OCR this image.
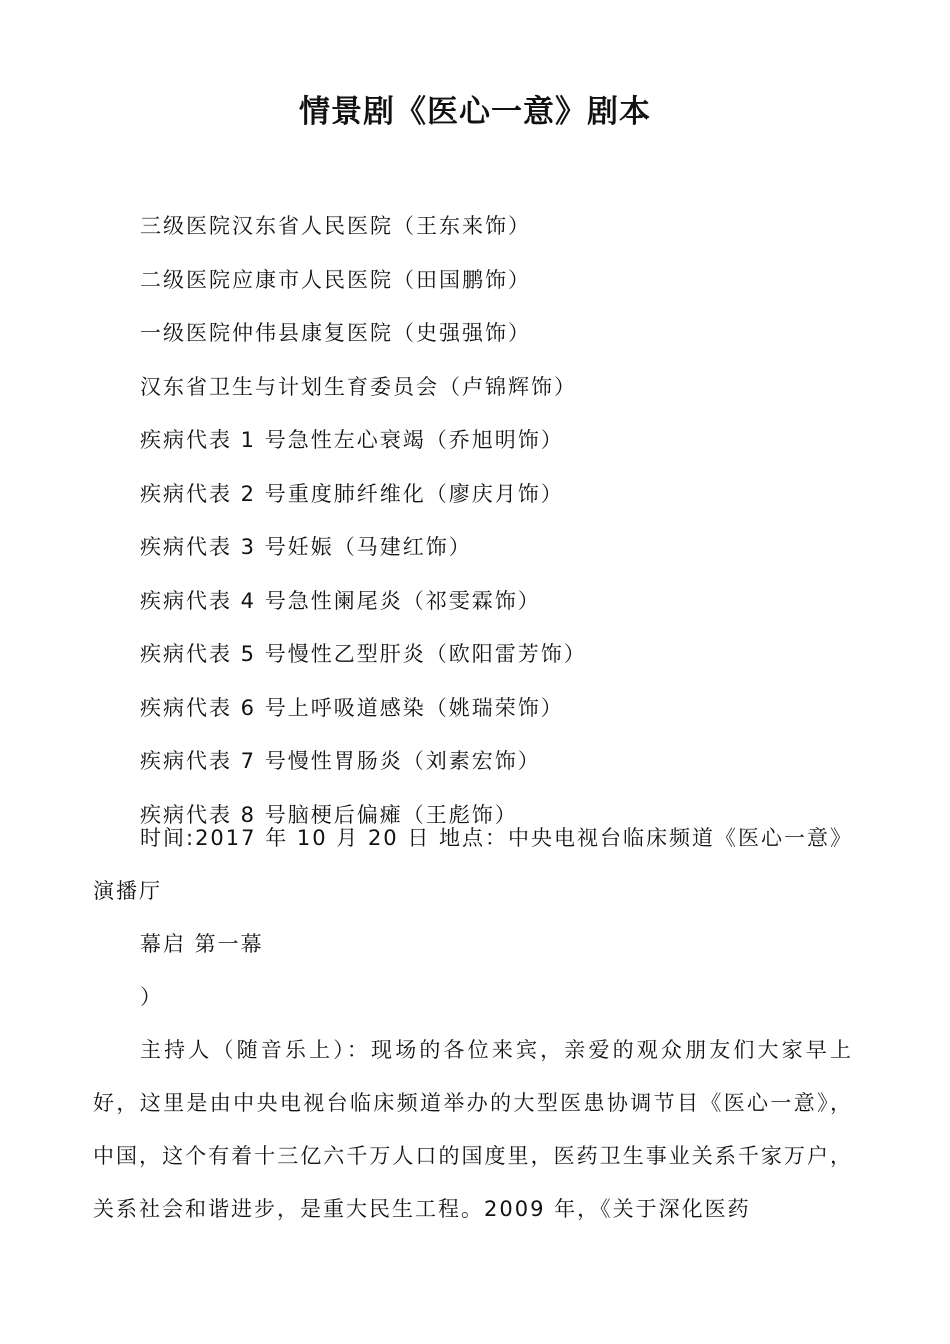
情景剧《医心一意》剧本
三级医院汉东省人民医院（王东来饰）
二级医院应康市人民医院（田国鹏饰）
一级医院仲伟县康复医院（史强强饰）
汉东省卫生与计划生育委员会（卢锦辉饰）
疾病代表 1 号急性左心衰竭（乔旭明饰）
疾病代表 2 号重度肺纤维化（廖庆月饰）
疾病代表 3 号妊娠（马建红饰）
疾病代表 4 号急性阑尾炎（祁雯霖饰）
疾病代表 5 号慢性乙型肝炎（欧阳雷芳饰）
疾病代表 6 号上呼吸道感染（姚瑞荣饰）
疾病代表 7 号慢性胃肠炎（刘素宏饰）
疾病代表 8 号脑梗后偏瘫（王彪饰）

时间:2017 年 10 月 20 日 地点：中央电视台临床频道《医心一意》演播厅

幕启 第一幕

）

主持人（随音乐上）：现场的各位来宾，亲爱的观众朋友们大家早上好，这里是由中央电视台临床频道举办的大型医患协调节目《医心一意》，中国，这个有着十三亿六千万人口的国度里，医药卫生事业关系千家万户，关系社会和谐进步，是重大民生工程。2009 年，《关于深化医药
